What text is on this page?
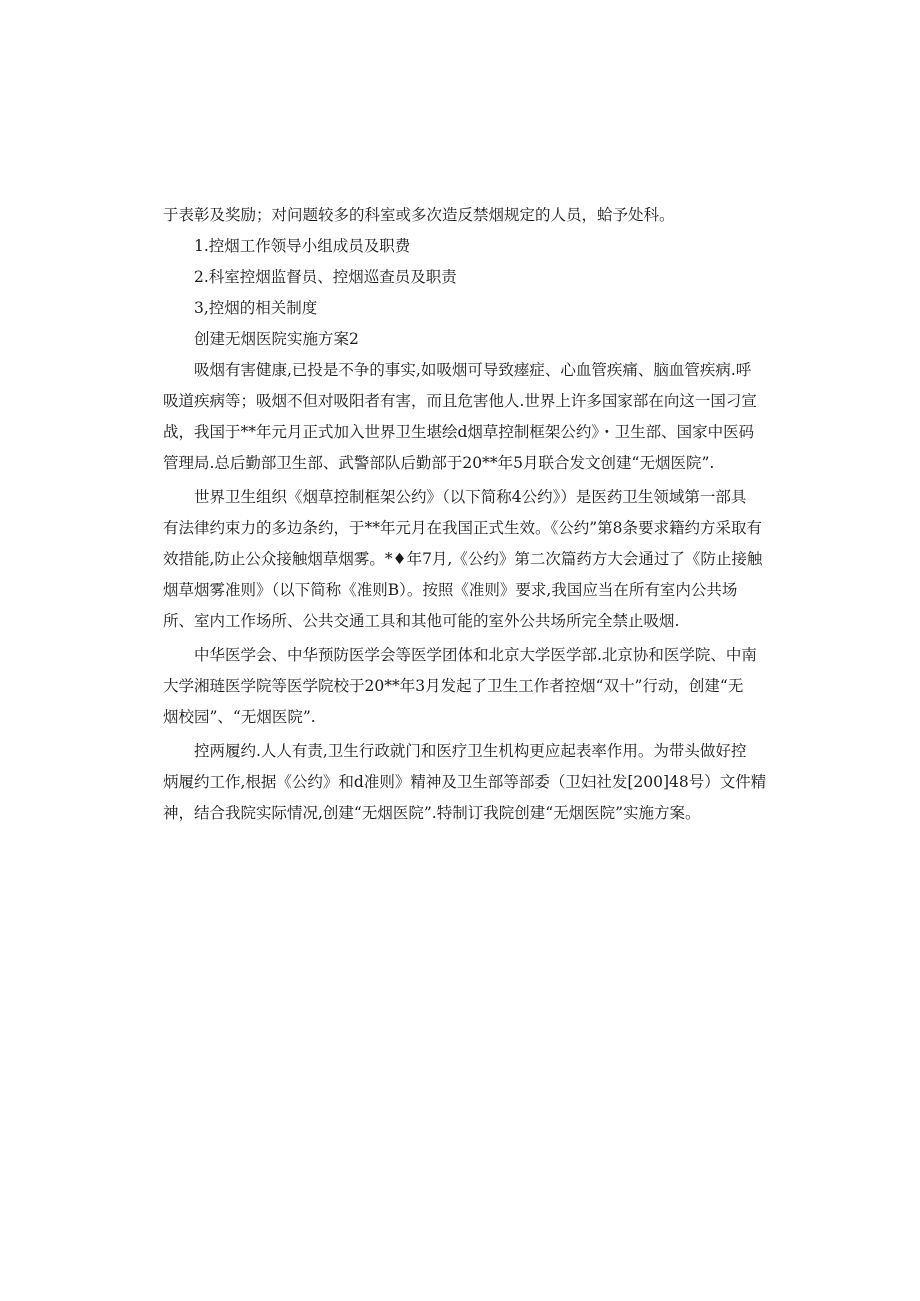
于表彰及奖励；对问题较多的科室或多次造反禁烟规定的人员，蛤予处科。

1.控烟工作领导小组成员及职费

2.科室控烟监督员、控烟巡查员及职责

3,控烟的相关制度

创建无烟医院实施方案2

吸烟有害健康,已投是不争的事实,如吸烟可导致瘗症、心血管疾痛、脑血管疾病.呼
吸道疾病等；吸烟不但对吸阳者有害，而且危害他人.世界上许多国家部在向这一国刁宣
战，我国于**年元月正式加入世界卫生堪绘d烟草控制框架公约》・卫生部、国家中医码
管理局.总后勤部卫生部、武警部队后勤部于20**年5月联合发文创建“无烟医院”.
世界卫生组织《烟草控制框架公约》（以下简称4公约》）是医药卫生领域第一部具
有法律约束力的多边条约，于**年元月在我国正式生效。《公约”第8条要求籍约方采取有
效措能,防止公众接触烟草烟雾。*♦年7月,《公约》第二次篇药方大会通过了《防止接触
烟草烟雾准则》（以下简称《准则B）。按照《准则》要求,我国应当在所有室内公共场
所、室内工作场所、公共交通工具和其他可能的室外公共场所完全禁止吸烟.
中华医学会、中华预防医学会等医学团体和北京大学医学部.北京协和医学院、中南
大学湘琏医学院等医学院校于20**年3月发起了卫生工作者控烟“双十”行动，创建“无
烟校园”、“无烟医院”.
控两履约.人人有责,卫生行政就门和医疗卫生机构更应起表率作用。为带头做好控
炳履约工作,根据《公约》和d准则》精神及卫生部等部委（卫妇社发[200]48号）文件精
神，结合我院实际情况,创建“无烟医院”.特制订我院创建“无烟医院”实施方案。
